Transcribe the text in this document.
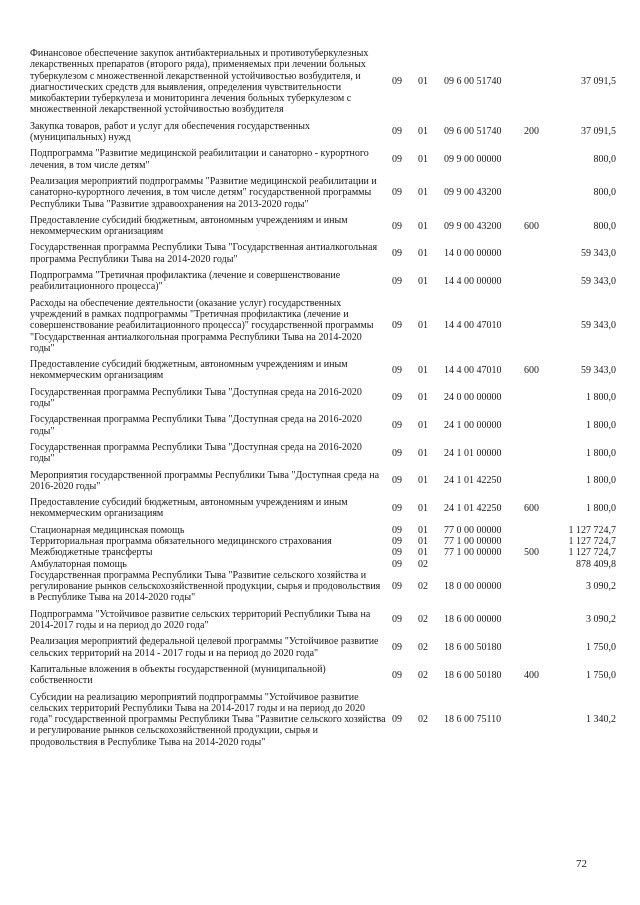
Финансовое обеспечение закупок антибактериальных и противотуберкулезных лекарственных препаратов (второго ряда), применяемых при лечении больных туберкулезом с множественной лекарственной устойчивостью возбудителя, и диагностических средств для выявления, определения чувствительности микобактерии туберкулеза и мониторинга лечения больных туберкулезом с множественной лекарственной устойчивостью возбудителя	09	01	09 6 00 51740		37 091,5
Закупка товаров, работ и услуг для обеспечения государственных (муниципальных) нужд	09	01	09 6 00 51740	200	37 091,5
Подпрограмма "Развитие медицинской реабилитации и санаторно - курортного лечения, в том числе детям"	09	01	09 9 00 00000		800,0
Реализация мероприятий подпрограммы "Развитие медицинской реабилитации и санаторно-курортного лечения, в том числе детям" государственной программы Республики Тыва "Развитие здравоохранения на 2013-2020 годы"	09	01	09 9 00 43200		800,0
Предоставление субсидий бюджетным, автономным учреждениям и иным некоммерческим организациям	09	01	09 9 00 43200	600	800,0
Государственная программа Республики Тыва "Государственная антиалкогольная программа Республики Тыва на 2014-2020 годы"	09	01	14 0 00 00000		59 343,0
Подпрограмма "Третичная профилактика (лечение и совершенствование реабилитационного процесса)"	09	01	14 4 00 00000		59 343,0
Расходы на обеспечение деятельности (оказание услуг) государственных учреждений в рамках подпрограммы "Третичная профилактика (лечение и совершенствование реабилитационного процесса)" государственной программы "Государственная антиалкогольная программа Республики Тыва на 2014-2020 годы"	09	01	14 4 00 47010		59 343,0
Предоставление субсидий бюджетным, автономным учреждениям и иным некоммерческим организациям	09	01	14 4 00 47010	600	59 343,0
Государственная программа Республики Тыва "Доступная среда на 2016-2020 годы"	09	01	24 0 00 00000		1 800,0
Государственная программа Республики Тыва "Доступная среда на 2016-2020 годы"	09	01	24 1 00 00000		1 800,0
Государственная программа Республики Тыва "Доступная среда на 2016-2020 годы"	09	01	24 1 01 00000		1 800,0
Мероприятия государственной программы Республики Тыва "Доступная среда на 2016-2020 годы"	09	01	24 1 01 42250		1 800,0
Предоставление субсидий бюджетным, автономным учреждениям и иным некоммерческим организациям	09	01	24 1 01 42250	600	1 800,0
Стационарная медицинская помощь	09	01	77 0 00 00000		1 127 724,7
Территориальная программа обязательного медицинского страхования	09	01	77 1 00 00000		1 127 724,7
Межбюджетные трансферты	09	01	77 1 00 00000	500	1 127 724,7
Амбулаторная помощь	09	02			878 409,8
Государственная программа Республики Тыва "Развитие сельского хозяйства и регулирование рынков сельскохозяйственной продукции, сырья и продовольствия в Республике Тыва на 2014-2020 годы"	09	02	18 0 00 00000		3 090,2
Подпрограмма "Устойчивое развитие сельских территорий Республики Тыва на 2014-2017 годы и на период до 2020 года"	09	02	18 6 00 00000		3 090,2
Реализация мероприятий федеральной целевой программы "Устойчивое развитие сельских территорий на 2014 - 2017 годы и на период до 2020 года"	09	02	18 6 00 50180		1 750,0
Капитальные вложения в объекты государственной (муниципальной) собственности	09	02	18 6 00 50180	400	1 750,0
Субсидии на реализацию мероприятий подпрограммы "Устойчивое развитие сельских территорий Республики Тыва на 2014-2017 годы и на период до 2020 года" государственной программы Республики Тыва "Развитие сельского хозяйства и регулирование рынков сельскохозяйственной продукции, сырья и продовольствия в Республике Тыва на 2014-2020 годы"	09	02	18 6 00 75110		1 340,2
72
